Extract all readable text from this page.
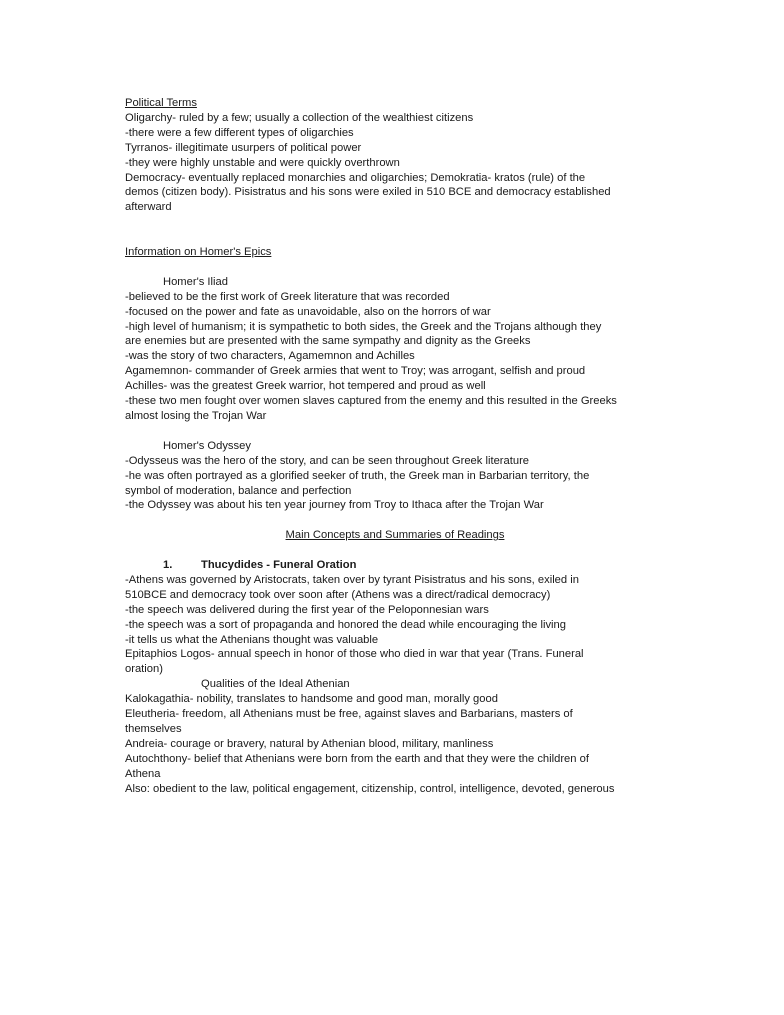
Political Terms
Oligarchy- ruled by a few; usually a collection of the wealthiest citizens
-there were a few different types of oligarchies
Tyrranos- illegitimate usurpers of political power
-they were highly unstable and were quickly overthrown
Democracy- eventually replaced monarchies and oligarchies; Demokratia- kratos (rule) of the
demos (citizen body). Pisistratus and his sons were exiled in 510 BCE and democracy established
afterward
Information on Homer's Epics
Homer's Iliad
-believed to be the first work of Greek literature that was recorded
-focused on the power and fate as unavoidable, also on the horrors of war
-high level of humanism; it is sympathetic to both sides, the Greek and the Trojans although they
are enemies but are presented with the same sympathy and dignity as the Greeks
-was the story of two characters, Agamemnon and Achilles
Agamemnon- commander of Greek armies that went to Troy; was arrogant, selfish and proud
Achilles- was the greatest Greek warrior, hot tempered and proud as well
-these two men fought over women slaves captured from the enemy and this resulted in the Greeks
almost losing the Trojan War
Homer's Odyssey
-Odysseus was the hero of the story, and can be seen throughout Greek literature
-he was often portrayed as a glorified seeker of truth, the Greek man in Barbarian territory, the
symbol of moderation, balance and perfection
-the Odyssey was about his ten year journey from Troy to Ithaca after the Trojan War
Main Concepts and Summaries of Readings
1.	Thucydides - Funeral Oration
-Athens was governed by Aristocrats, taken over by tyrant Pisistratus and his sons, exiled in
510BCE and democracy took over soon after (Athens was a direct/radical democracy)
-the speech was delivered during the first year of the Peloponnesian wars
-the speech was a sort of propaganda and honored the dead while encouraging the living
-it tells us what the Athenians thought was valuable
Epitaphios Logos- annual speech in honor of those who died in war that year (Trans. Funeral
oration)
Qualities of the Ideal Athenian
Kalokagathia- nobility, translates to handsome and good man, morally good
Eleutheria- freedom, all Athenians must be free, against slaves and Barbarians, masters of
themselves
Andreia- courage or bravery, natural by Athenian blood, military, manliness
Autochthony- belief that Athenians were born from the earth and that they were the children of
Athena
Also: obedient to the law, political engagement, citizenship, control, intelligence, devoted, generous
